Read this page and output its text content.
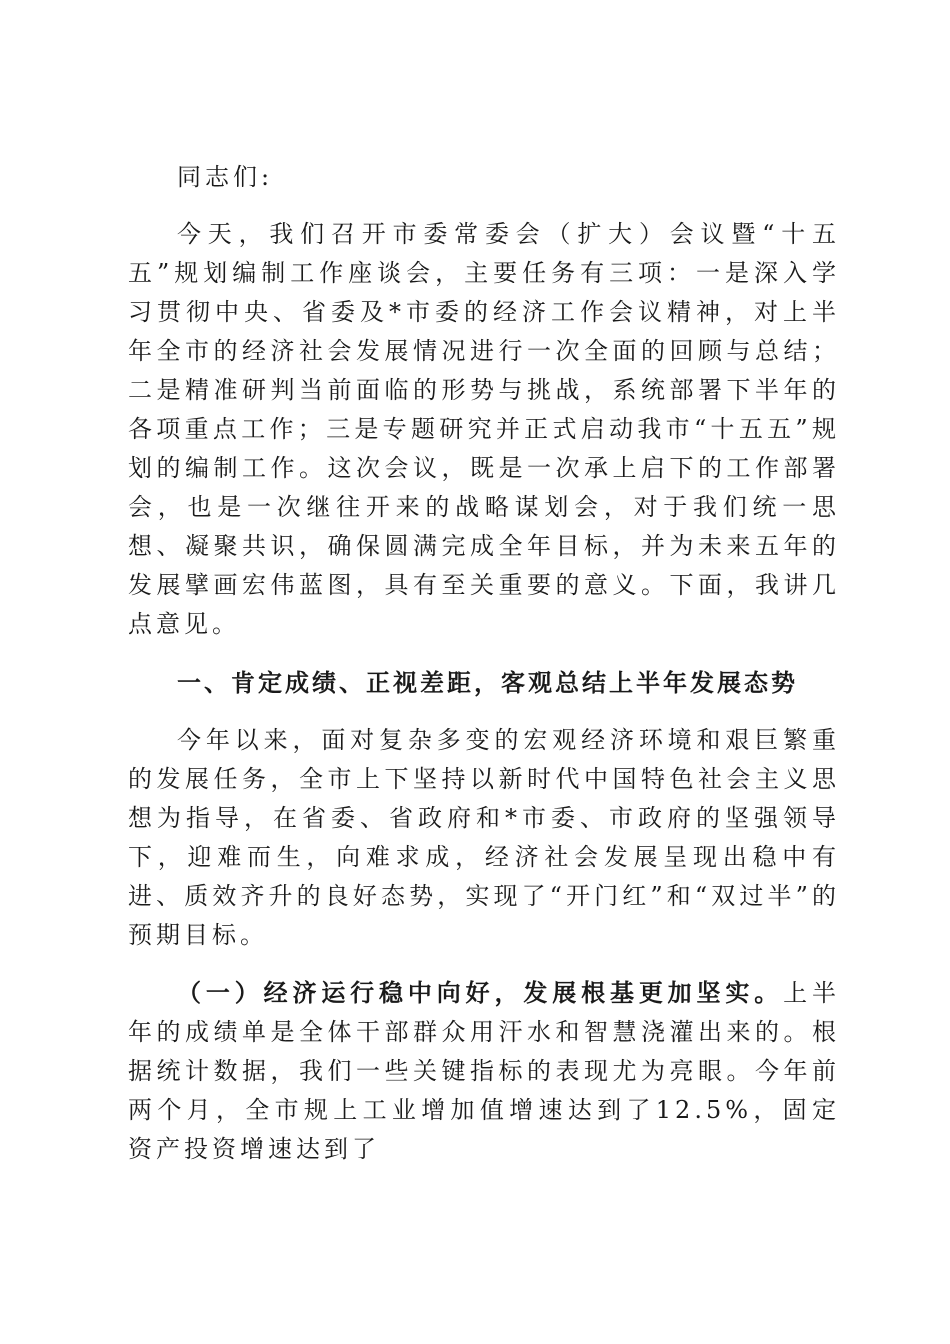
同志们:

今天，我们召开市委常委会（扩大）会议暨“十五五”规划编制工作座谈会，主要任务有三项：一是深入学习贯彻中央、省委及*市委的经济工作会议精神，对上半年全市的经济社会发展情况进行一次全面的回顾与总结；二是精准研判当前面临的形势与挑战，系统部署下半年的各项重点工作；三是专题研究并正式启动我市“十五五”规划的编制工作。这次会议，既是一次承上启下的工作部署会，也是一次继往开来的战略谋划会，对于我们统一思想、凝聚共识，确保圆满完成全年目标，并为未来五年的发展擘画宏伟蓝图，具有至关重要的意义。下面，我讲几点意见。

一、肯定成绩、正视差距，客观总结上半年发展态势

今年以来，面对复杂多变的宏观经济环境和艰巨繁重的发展任务，全市上下坚持以新时代中国特色社会主义思想为指导，在省委、省政府和*市委、市政府的坚强领导下，迎难而生，向难求成，经济社会发展呈现出稳中有进、质效齐升的良好态势，实现了“开门红”和“双过半”的预期目标。

（一）经济运行稳中向好，发展根基更加坚实。上半年的成绩单是全体干部群众用汗水和智慧浇灌出来的。根据统计数据，我们一些关键指标的表现尤为亮眼。今年前两个月，全市规上工业增加值增速达到了12.5%，固定资产投资增速达到了
